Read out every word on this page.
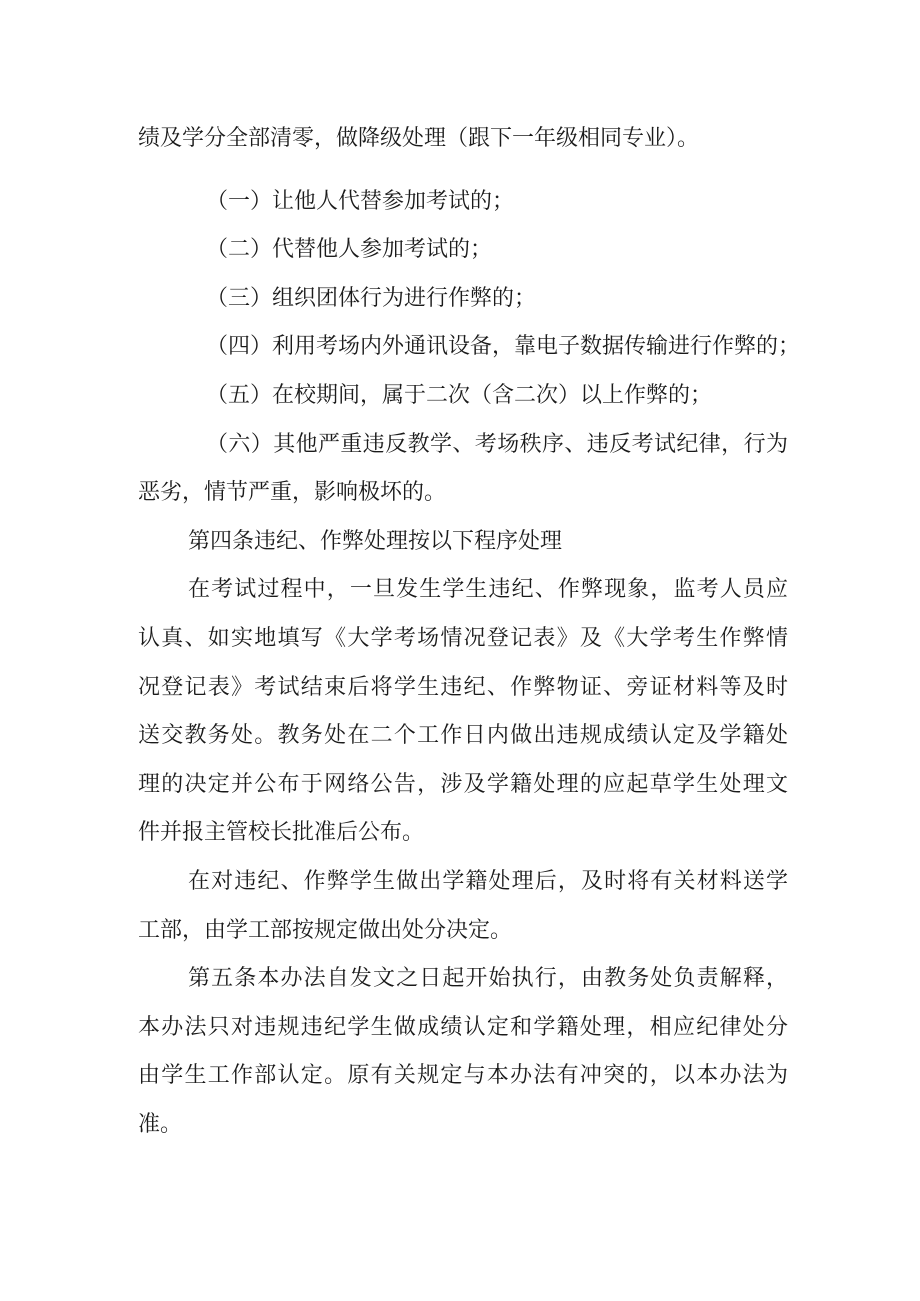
绩及学分全部清零，做降级处理（跟下一年级相同专业）。
（一）让他人代替参加考试的；
（二）代替他人参加考试的；
（三）组织团体行为进行作弊的；
（四）利用考场内外通讯设备，靠电子数据传输进行作弊的；
（五）在校期间，属于二次（含二次）以上作弊的；
（六）其他严重违反教学、考场秩序、违反考试纪律，行为
恶劣，情节严重，影响极坏的。
第四条违纪、作弊处理按以下程序处理
在考试过程中，一旦发生学生违纪、作弊现象，监考人员应
认真、如实地填写《大学考场情况登记表》及《大学考生作弊情
况登记表》考试结束后将学生违纪、作弊物证、旁证材料等及时
送交教务处。教务处在二个工作日内做出违规成绩认定及学籍处
理的决定并公布于网络公告，涉及学籍处理的应起草学生处理文
件并报主管校长批准后公布。
在对违纪、作弊学生做出学籍处理后，及时将有关材料送学
工部，由学工部按规定做出处分决定。
第五条本办法自发文之日起开始执行，由教务处负责解释，
本办法只对违规违纪学生做成绩认定和学籍处理，相应纪律处分
由学生工作部认定。原有关规定与本办法有冲突的，以本办法为
准。
